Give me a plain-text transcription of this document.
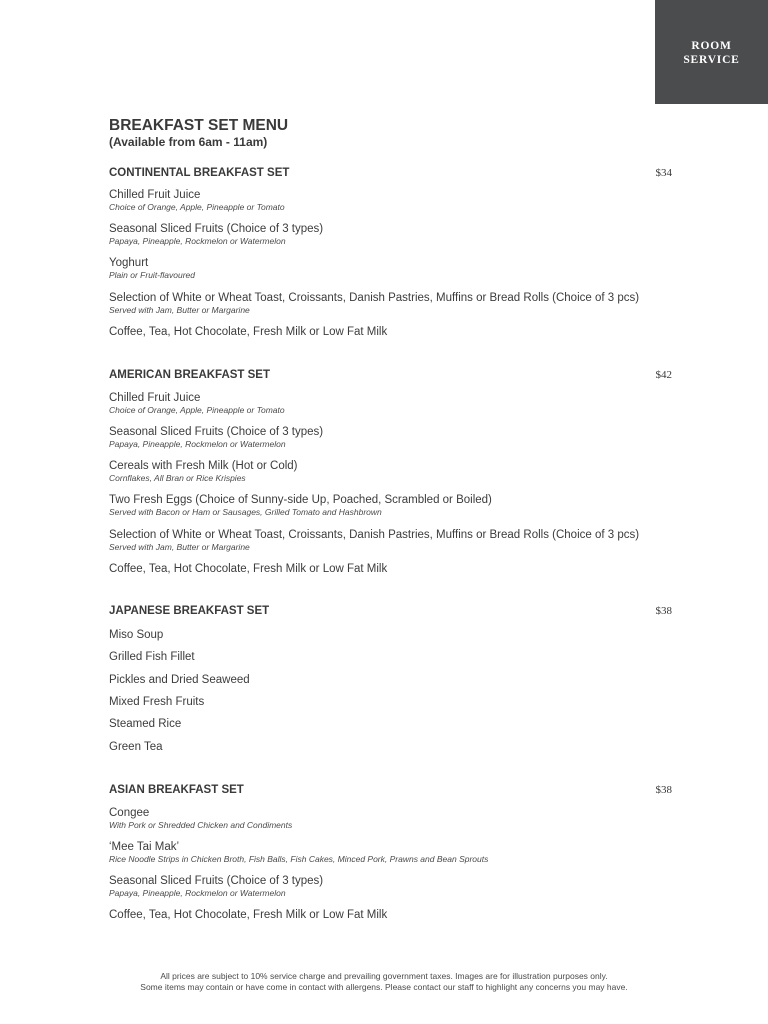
ROOM
SERVICE
BREAKFAST SET MENU
(Available from 6am - 11am)
CONTINENTAL BREAKFAST SET	$34
Chilled Fruit Juice
Choice of Orange, Apple, Pineapple or Tomato
Seasonal Sliced Fruits (Choice of 3 types)
Papaya, Pineapple, Rockmelon or Watermelon
Yoghurt
Plain or Fruit-flavoured
Selection of White or Wheat Toast, Croissants, Danish Pastries, Muffins or Bread Rolls (Choice of 3 pcs)
Served with Jam, Butter or Margarine
Coffee, Tea, Hot Chocolate, Fresh Milk or Low Fat Milk
AMERICAN BREAKFAST SET	$42
Chilled Fruit Juice
Choice of Orange, Apple, Pineapple or Tomato
Seasonal Sliced Fruits (Choice of 3 types)
Papaya, Pineapple, Rockmelon or Watermelon
Cereals with Fresh Milk (Hot or Cold)
Cornflakes, All Bran or Rice Krispies
Two Fresh Eggs (Choice of Sunny-side Up, Poached, Scrambled or Boiled)
Served with Bacon or Ham or Sausages, Grilled Tomato and Hashbrown
Selection of White or Wheat Toast, Croissants, Danish Pastries, Muffins or Bread Rolls (Choice of 3 pcs)
Served with Jam, Butter or Margarine
Coffee, Tea, Hot Chocolate, Fresh Milk or Low Fat Milk
JAPANESE BREAKFAST SET	$38
Miso Soup
Grilled Fish Fillet
Pickles and Dried Seaweed
Mixed Fresh Fruits
Steamed Rice
Green Tea
ASIAN BREAKFAST SET	$38
Congee
With Pork or Shredded Chicken and Condiments
‘Mee Tai Mak’
Rice Noodle Strips in Chicken Broth, Fish Balls, Fish Cakes, Minced Pork, Prawns and Bean Sprouts
Seasonal Sliced Fruits (Choice of 3 types)
Papaya, Pineapple, Rockmelon or Watermelon
Coffee, Tea, Hot Chocolate, Fresh Milk or Low Fat Milk
All prices are subject to 10% service charge and prevailing government taxes. Images are for illustration purposes only.
Some items may contain or have come in contact with allergens. Please contact our staff to highlight any concerns you may have.
